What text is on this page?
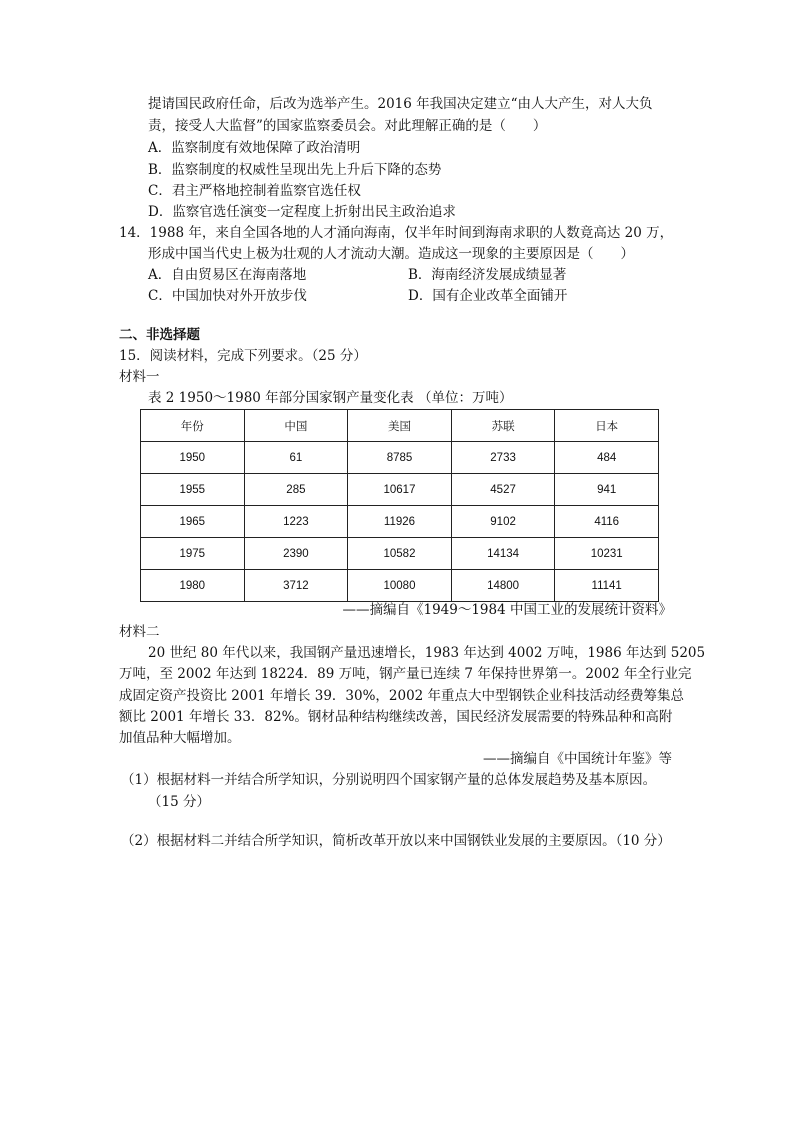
提请国民政府任命，后改为选举产生。2016 年我国决定建立“由人大产生，对人大负
责，接受人大监督”的国家监察委员会。对此理解正确的是（　　）
A．监察制度有效地保障了政治清明
B．监察制度的权威性呈现出先上升后下降的态势
C．君主严格地控制着监察官选任权
D．监察官选任演变一定程度上折射出民主政治追求
14．1988 年，来自全国各地的人才涌向海南，仅半年时间到海南求职的人数竟高达 20 万，
形成中国当代史上极为壮观的人才流动大潮。造成这一现象的主要原因是（　　）
A．自由贸易区在海南落地	B．海南经济发展成绩显著
C．中国加快对外开放步伐	D．国有企业改革全面铺开
二、非选择题
15．阅读材料，完成下列要求。（25 分）
材料一
表 2 1950～1980 年部分国家钢产量变化表 （单位：万吨）
年份	中国	美国	苏联	日本
1950	61	8785	2733	484
1955	285	10617	4527	941
1965	1223	11926	9102	4116
1975	2390	10582	14134	10231
1980	3712	10080	14800	11141
——摘编自《1949～1984 中国工业的发展统计资料》
材料二
20 世纪 80 年代以来，我国钢产量迅速增长，1983 年达到 4002 万吨，1986 年达到 5205
万吨，至 2002 年达到 18224．89 万吨，钢产量已连续 7 年保持世界第一。2002 年全行业完
成固定资产投资比 2001 年增长 39．30%，2002 年重点大中型钢铁企业科技活动经费筹集总
额比 2001 年增长 33．82%。钢材品种结构继续改善，国民经济发展需要的特殊品种和高附
加值品种大幅增加。
——摘编自《中国统计年鉴》等
（1）根据材料一并结合所学知识，分别说明四个国家钢产量的总体发展趋势及基本原因。
（15 分）
（2）根据材料二并结合所学知识，简析改革开放以来中国钢铁业发展的主要原因。（10 分）
